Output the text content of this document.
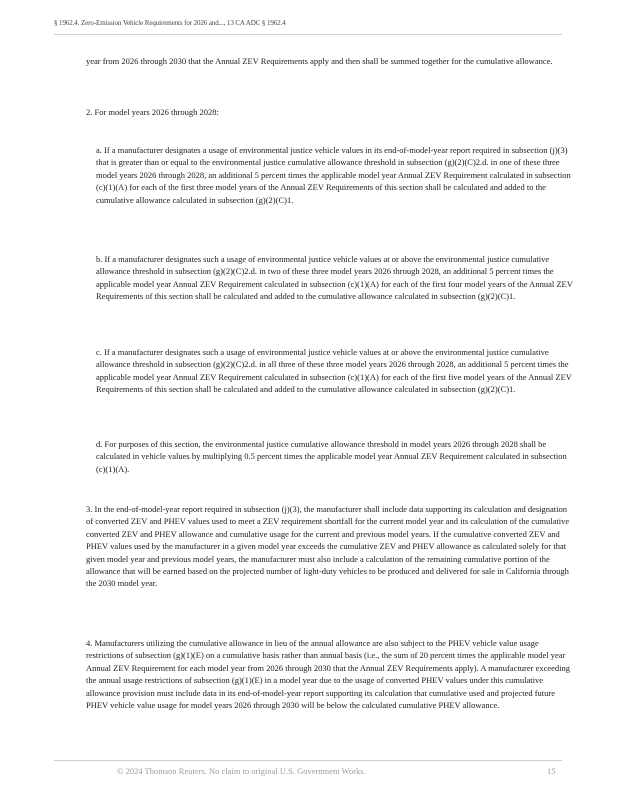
§ 1962.4. Zero-Emission Vehicle Requirements for 2026 and..., 13 CA ADC § 1962.4

year from 2026 through 2030 that the Annual ZEV Requirements apply and then shall be summed together for the cumulative allowance.

2. For model years 2026 through 2028:

a. If a manufacturer designates a usage of environmental justice vehicle values in its end-of-model-year report required in subsection (j)(3) that is greater than or equal to the environmental justice cumulative allowance threshold in subsection (g)(2)(C)2.d. in one of these three model years 2026 through 2028, an additional 5 percent times the applicable model year Annual ZEV Requirement calculated in subsection (c)(1)(A) for each of the first three model years of the Annual ZEV Requirements of this section shall be calculated and added to the cumulative allowance calculated in subsection (g)(2)(C)1.

b. If a manufacturer designates such a usage of environmental justice vehicle values at or above the environmental justice cumulative allowance threshold in subsection (g)(2)(C)2.d. in two of these three model years 2026 through 2028, an additional 5 percent times the applicable model year Annual ZEV Requirement calculated in subsection (c)(1)(A) for each of the first four model years of the Annual ZEV Requirements of this section shall be calculated and added to the cumulative allowance calculated in subsection (g)(2)(C)1.

c. If a manufacturer designates such a usage of environmental justice vehicle values at or above the environmental justice cumulative allowance threshold in subsection (g)(2)(C)2.d. in all three of these three model years 2026 through 2028, an additional 5 percent times the applicable model year Annual ZEV Requirement calculated in subsection (c)(1)(A) for each of the first five model years of the Annual ZEV Requirements of this section shall be calculated and added to the cumulative allowance calculated in subsection (g)(2)(C)1.

d. For purposes of this section, the environmental justice cumulative allowance threshold in model years 2026 through 2028 shall be calculated in vehicle values by multiplying 0.5 percent times the applicable model year Annual ZEV Requirement calculated in subsection (c)(1)(A).

3. In the end-of-model-year report required in subsection (j)(3), the manufacturer shall include data supporting its calculation and designation of converted ZEV and PHEV values used to meet a ZEV requirement shortfall for the current model year and its calculation of the cumulative converted ZEV and PHEV allowance and cumulative usage for the current and previous model years. If the cumulative converted ZEV and PHEV values used by the manufacturer in a given model year exceeds the cumulative ZEV and PHEV allowance as calculated solely for that given model year and previous model years, the manufacturer must also include a calculation of the remaining cumulative portion of the allowance that will be earned based on the projected number of light-duty vehicles to be produced and delivered for sale in California through the 2030 model year.

4. Manufacturers utilizing the cumulative allowance in lieu of the annual allowance are also subject to the PHEV vehicle value usage restrictions of subsection (g)(1)(E) on a cumulative basis rather than annual basis (i.e., the sum of 20 percent times the applicable model year Annual ZEV Requirement for each model year from 2026 through 2030 that the Annual ZEV Requirements apply). A manufacturer exceeding the annual usage restrictions of subsection (g)(1)(E) in a model year due to the usage of converted PHEV values under this cumulative allowance provision must include data in its end-of-model-year report supporting its calculation that cumulative used and projected future PHEV vehicle value usage for model years 2026 through 2030 will be below the calculated cumulative PHEV allowance.

© 2024 Thomson Reuters. No claim to original U.S. Government Works.	15
